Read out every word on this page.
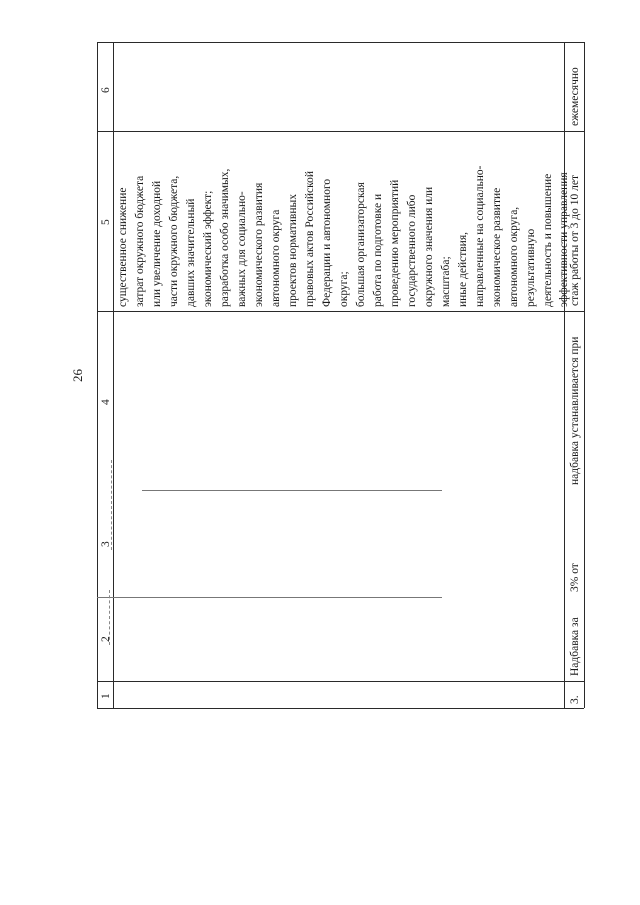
26
1
2
3
4
5
6
существенное снижение затрат окружного бюджета или увеличение доходной части окружного бюджета, давших значительный экономический эффект; разработка особо значимых, важных для социально- экономического развития автономного округа проектов нормативных правовых актов Российской Федерации и автономного округа; большая организаторская работа по подготовке и проведению мероприятий государственного либо окружного значения или масштаба; иные действия, направленные на социально- экономическое развитие автономного округа, результативную деятельность и повышение эффективности управления
3.
Надбавка за
3% от
надбавка устанавливается при
стаж работы от 3 до 10 лет
ежемесячно
